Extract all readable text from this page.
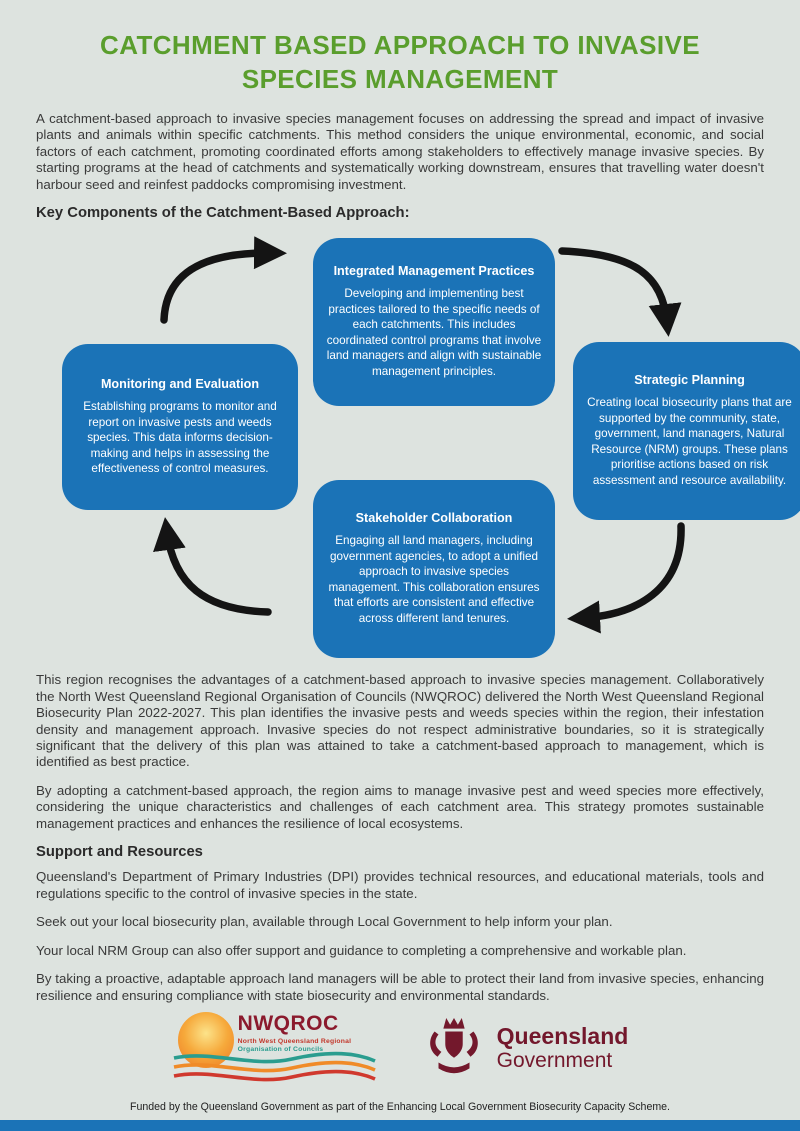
CATCHMENT BASED APPROACH TO INVASIVE SPECIES MANAGEMENT

A catchment-based approach to invasive species management focuses on addressing the spread and impact of invasive plants and animals within specific catchments. This method considers the unique environmental, economic, and social factors of each catchment, promoting coordinated efforts among stakeholders to effectively manage invasive species. By starting programs at the head of catchments and systematically working downstream, ensures that travelling water doesn't harbour seed and reinfest paddocks compromising investment.

Key Components of the Catchment-Based Approach:
Integrated Management Practices

Developing and implementing best practices tailored to the specific needs of each catchments. This includes coordinated control programs that involve land managers and align with sustainable management principles.

Strategic Planning

Creating local biosecurity plans that are supported by the community, state, government, land managers, Natural Resource (NRM) groups. These plans prioritise actions based on risk assessment and resource availability.

Stakeholder Collaboration

Engaging all land managers, including government agencies, to adopt a unified approach to invasive species management. This collaboration ensures that efforts are consistent and effective across different land tenures.

Monitoring and Evaluation

Establishing programs to monitor and report on invasive pests and weeds species. This data informs decision-making and helps in assessing the effectiveness of control measures.

This region recognises the advantages of a catchment-based approach to invasive species management. Collaboratively the North West Queensland Regional Organisation of Councils (NWQROC) delivered the North West Queensland Regional Biosecurity Plan 2022-2027. This plan identifies the invasive pests and weeds species within the region, their infestation density and management approach. Invasive species do not respect administrative boundaries, so it is strategically significant that the delivery of this plan was attained to take a catchment-based approach to management, which is identified as best practice.

By adopting a catchment-based approach, the region aims to manage invasive pest and weed species more effectively, considering the unique characteristics and challenges of each catchment area. This strategy promotes sustainable management practices and enhances the resilience of local ecosystems.

Support and Resources

Queensland's Department of Primary Industries (DPI) provides technical resources, and educational materials, tools and regulations specific to the control of invasive species in the state.

Seek out your local biosecurity plan, available through Local Government to help inform your plan.

Your local NRM Group can also offer support and guidance to completing a comprehensive and workable plan.

By taking a proactive, adaptable approach land managers will be able to protect their land from invasive species, enhancing resilience and ensuring compliance with state biosecurity and environmental standards.

NWQROC
North West Queensland Regional
Organisation of Councils
Queensland
Government

Funded by the Queensland Government as part of the Enhancing Local Government Biosecurity Capacity Scheme.
